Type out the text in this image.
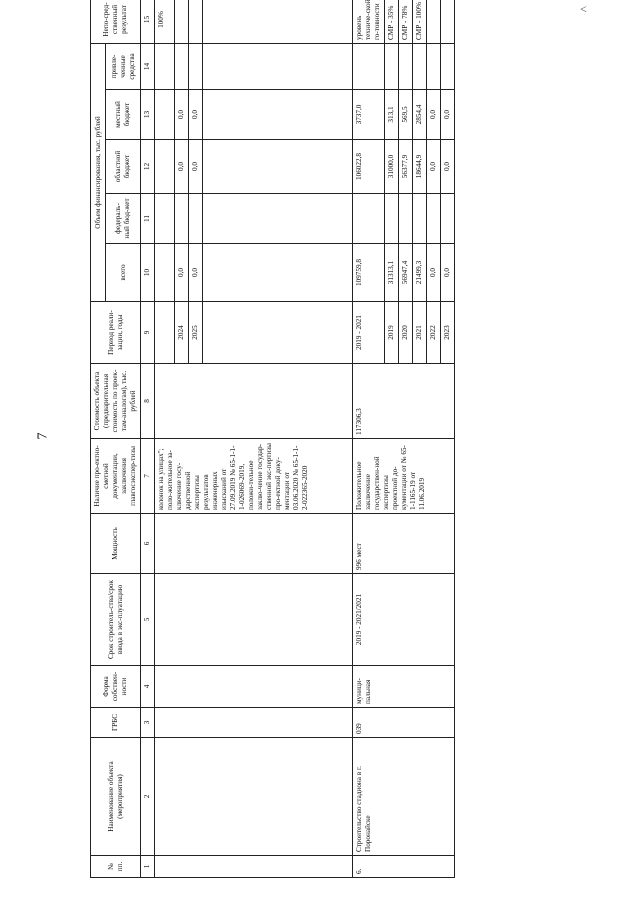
7
<
№ пп.	Наименование объекта (мероприятия)	ГРБС	Форма собствен-ности	Срок строитель-ства/срок ввода в экс-плуатацию	Мощность	Наличие про-ектно-сметной документации, заключения главгосэкспер-тизы	Стоимость объекта (предварительная стоимость по проек-там-аналогам), тыс. рублей	Период реали-зации, годы	Объем финансирования, тыс. рублей					Непо-сред-ственный результат
									всего	федераль-ный бюд-жет	областной бюджет	местный бюджет	привле-ченные средства	
1	2	3	4	5	6	7	8	9	10	11	12	13	14	15
						колонок на улицах"; поло-жительное за-ключение госу-дарственной экспертизы результатов инженерных изысканий от 27.09.2019 № 65-1-1-1-026069-2019, положи-тельное заклю-чение государ-ственной экс-пертизы про-ектной доку-ментации от 03.06.2020 № 65-1-1-2-022365-2020								100%
								2024	0,0		0,0	0,0		
								2025	0,0		0,0	0,0		

6.	Строительство стадиона в г. Поронайске	039	муници-пальная	2019 - 2021/2021	996 мест	Положительное заключение государствен-ной экспертизы проектной до-кументации от № 65-1-1165-19 от 11.06.2019	117306,3	2019 - 2021	109759,8		106022,8	3737,0		уровень техниче-ской го-товности
								2019	31313,1		31000,0	313,1		СМР - 35%
								2020	56947,4		56377,9	569,5		СМР - 78%
								2021	21499,3		18644,9	2854,4		СМР - 100%
								2022	0,0		0,0	0,0		
								2023	0,0		0,0	0,0		
